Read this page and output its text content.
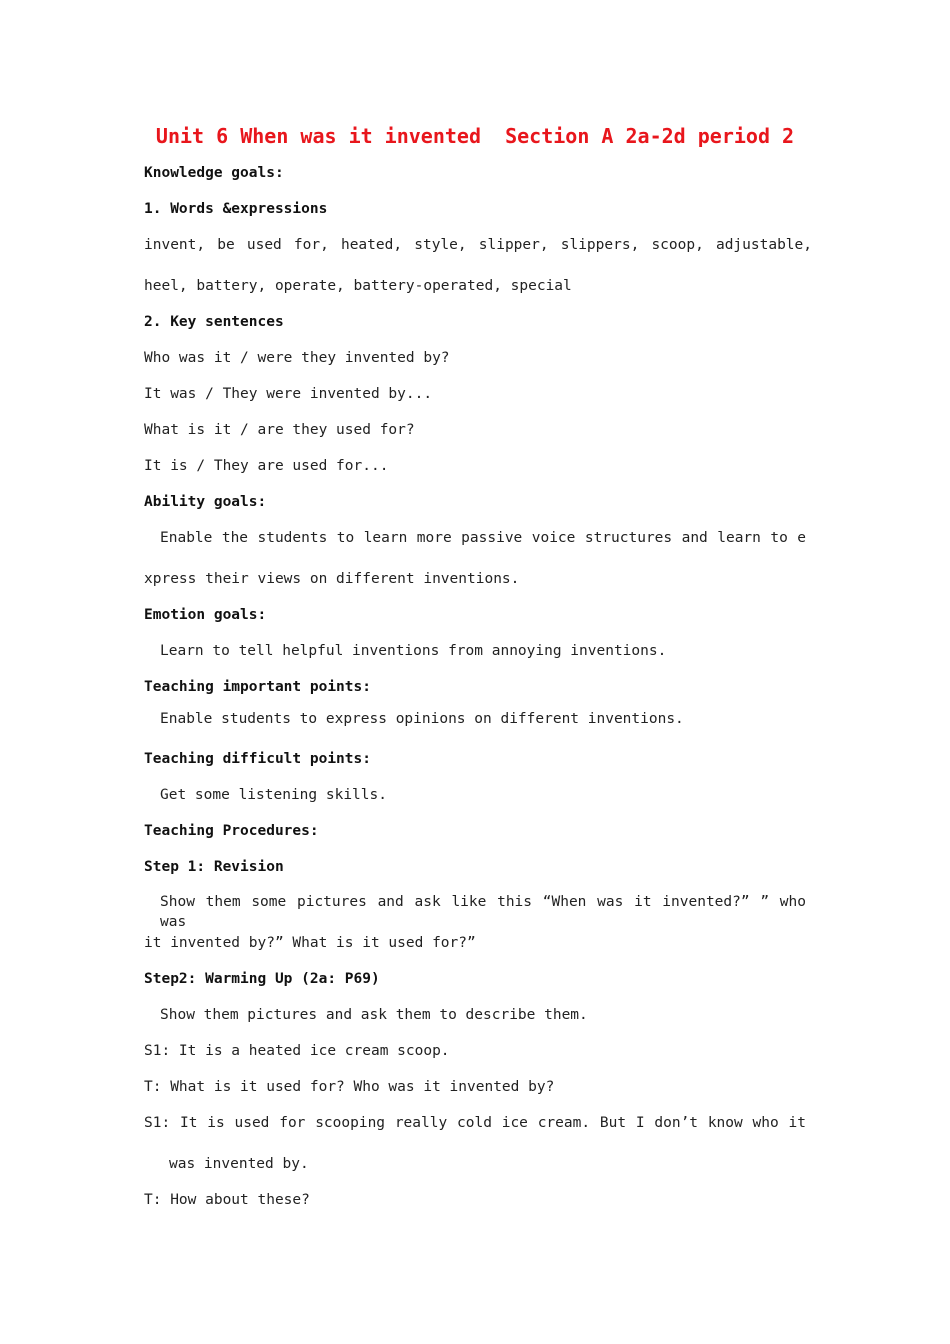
Unit 6 When was it invented  Section A 2a-2d period 2
Knowledge goals:
1. Words &expressions
invent, be used for, heated, style, slipper, slippers, scoop, adjustable,
heel, battery, operate, battery-operated, special
2. Key sentences
Who was it / were they invented by?
It was / They were invented by...
What is it / are they used for?
It is / They are used for...
Ability goals:
Enable the students to learn more passive voice structures and learn to e
xpress their views on different inventions.
Emotion goals:
Learn to tell helpful inventions from annoying inventions.
Teaching important points:
Enable students to express opinions on different inventions.
Teaching difficult points:
Get some listening skills.
Teaching Procedures:
Step 1: Revision
Show them some pictures and ask like this “When was it invented?” ” who was
it invented by?” What is it used for?”
Step2: Warming Up (2a: P69)
Show them pictures and ask them to describe them.
S1: It is a heated ice cream scoop.
T: What is it used for? Who was it invented by?
S1: It is used for scooping really cold ice cream. But I don’t know who it
was invented by.
T: How about these?
